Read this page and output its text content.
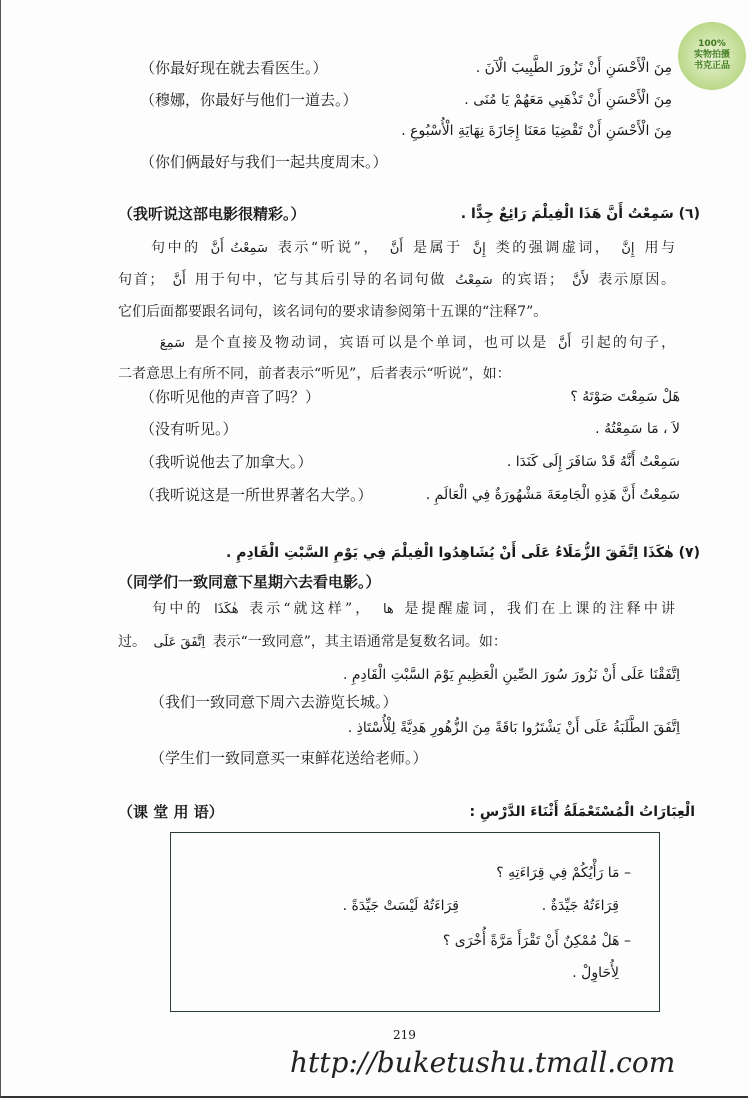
100%
实物拍摄
书克正品
مِنَ الْأَحْسَنِ أَنْ تَزُورَ الطَّبِيبَ الْآنَ .
（你最好现在就去看医生。）
مِنَ الْأَحْسَنِ أَنْ تَذْهَبِي مَعَهُمْ يَا مُنَى .
（穆娜，你最好与他们一道去。）
مِنَ الْأَحْسَنِ أَنْ تَقْضِيَا مَعَنَا إِجَازَةَ نِهَايَةِ الْأُسْبُوعِ .
（你们俩最好与我们一起共度周末。）
(٦) سَمِعْتُ أَنَّ هَذَا الْفِيلْمَ رَائِعٌ جِدًّا .
（我听说这部电影很精彩。）
　　句中的 سَمِعْتُ أَنَّ 表示“听说”， أَنَّ 是属于 إِنَّ 类的强调虚词， إِنَّ 用与
句首； أَنَّ 用于句中，它与其后引导的名词句做 سَمِعْتُ 的宾语； لأَنَّ 表示原因。
它们后面都要跟名词句，该名词句的要求请参阅第十五课的“注释7”。
　　 سَمِعَ 是个直接及物动词，宾语可以是个单词，也可以是 أَنَّ 引起的句子，
二者意思上有所不同，前者表示“听见”，后者表示“听说”，如：
هَلْ سَمِعْتَ صَوْتَهُ ؟
（你听见他的声音了吗？）
لاَ ، مَا سَمِعْتُهُ .
（没有听见。）
سَمِعْتُ أَنَّهُ قَدْ سَافَرَ إِلَى كَنَدَا .
（我听说他去了加拿大。）
سَمِعْتُ أَنَّ هَذِهِ الْجَامِعَةَ مَشْهُورَةٌ فِي الْعَالَمِ .
（我听说这是一所世界著名大学。）
(٧) هٰكَذَا اِتَّفَقَ الزُّمَلَاءُ عَلَى أَنْ يُشَاهِدُوا الْفِيلْمَ فِي يَوْمِ السَّبْتِ الْقَادِمِ .
（同学们一致同意下星期六去看电影。）
　　句中的 هٰكَذَا 表示“就这样”， ها 是提醒虚词，我们在上课的注释中讲
过。 اِتَّفَقَ عَلَى 表示“一致同意”，其主语通常是复数名词。如：
اِتَّفَقْنَا عَلَى أَنْ نَزُورَ سُورَ الصِّينِ الْعَظِيمِ يَوْمَ السَّبْتِ الْقَادِمِ .
（我们一致同意下周六去游览长城。）
اِتَّفَقَ الطَّلَبَةُ عَلَى أَنْ يَشْتَرُوا بَاقَةً مِنَ الزُّهُورِ هَدِيَّةً لِلْأُسْتَاذِ .
（学生们一致同意买一束鲜花送给老师。）
الْعِبَارَاتُ الْمُسْتَعْمَلَةُ أَثْنَاءَ الدَّرْسِ :
（课 堂 用 语）
– مَا رَأْيُكُمْ فِي قِرَاءَتِهِ ؟
قِرَاءَتُهُ جَيِّدَةٌ .
قِرَاءَتُهُ لَيْسَتْ جَيِّدَةً .
– هَلْ مُمْكِنٌ أَنْ تَقْرَأَ مَرَّةً أُخْرَى ؟
لِأُحَاوِلْ .
219
http://buketushu.tmall.com
